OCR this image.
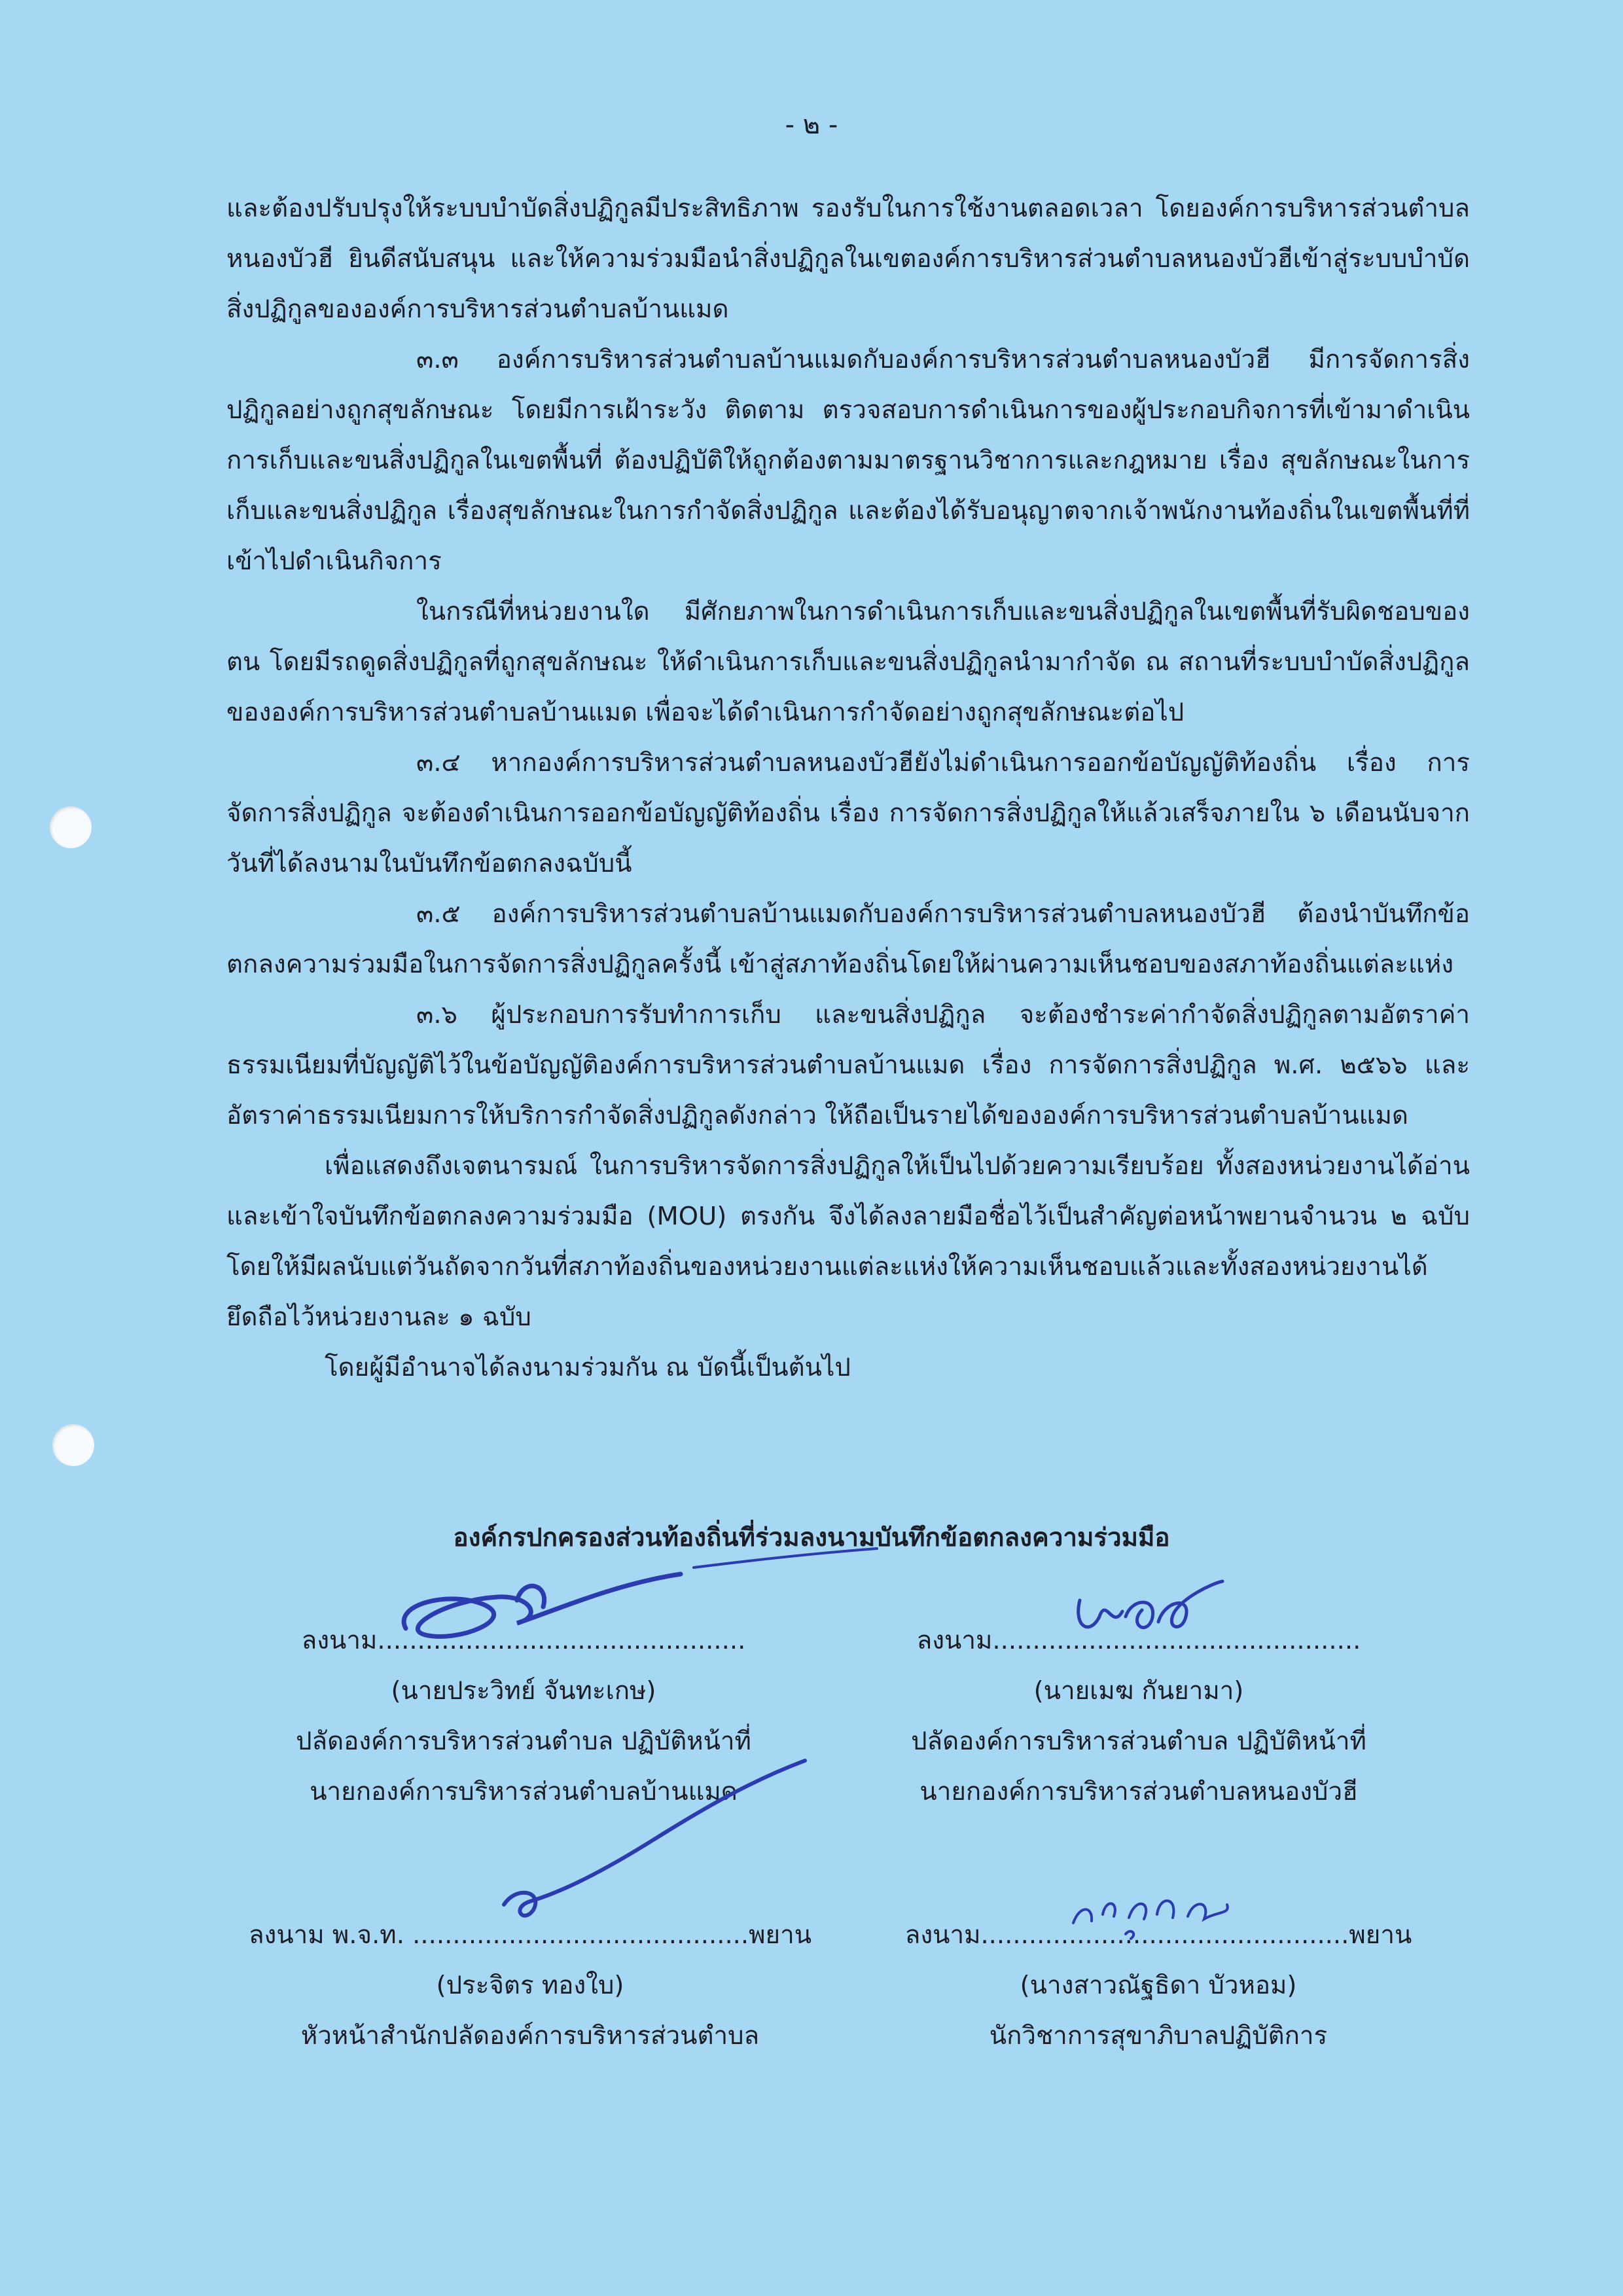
- ๒ -

และต้องปรับปรุงให้ระบบบำบัดสิ่งปฏิกูลมีประสิทธิภาพ รองรับในการใช้งานตลอดเวลา โดยองค์การบริหารส่วนตำบลหนองบัวฮี ยินดีสนับสนุน และให้ความร่วมมือนำสิ่งปฏิกูลในเขตองค์การบริหารส่วนตำบลหนองบัวฮีเข้าสู่ระบบบำบัดสิ่งปฏิกูลขององค์การบริหารส่วนตำบลบ้านแมด

๓.๓ องค์การบริหารส่วนตำบลบ้านแมดกับองค์การบริหารส่วนตำบลหนองบัวฮี มีการจัดการสิ่งปฏิกูลอย่างถูกสุขลักษณะ โดยมีการเฝ้าระวัง ติดตาม ตรวจสอบการดำเนินการของผู้ประกอบกิจการที่เข้ามาดำเนินการเก็บและขนสิ่งปฏิกูลในเขตพื้นที่ ต้องปฏิบัติให้ถูกต้องตามมาตรฐานวิชาการและกฎหมาย เรื่อง สุขลักษณะในการเก็บและขนสิ่งปฏิกูล เรื่องสุขลักษณะในการกำจัดสิ่งปฏิกูล และต้องได้รับอนุญาตจากเจ้าพนักงานท้องถิ่นในเขตพื้นที่ที่เข้าไปดำเนินกิจการ

ในกรณีที่หน่วยงานใด มีศักยภาพในการดำเนินการเก็บและขนสิ่งปฏิกูลในเขตพื้นที่รับผิดชอบของตน โดยมีรถดูดสิ่งปฏิกูลที่ถูกสุขลักษณะ ให้ดำเนินการเก็บและขนสิ่งปฏิกูลนำมากำจัด ณ สถานที่ระบบบำบัดสิ่งปฏิกูลขององค์การบริหารส่วนตำบลบ้านแมด เพื่อจะได้ดำเนินการกำจัดอย่างถูกสุขลักษณะต่อไป

๓.๔ หากองค์การบริหารส่วนตำบลหนองบัวฮียังไม่ดำเนินการออกข้อบัญญัติท้องถิ่น เรื่อง การจัดการสิ่งปฏิกูล จะต้องดำเนินการออกข้อบัญญัติท้องถิ่น เรื่อง การจัดการสิ่งปฏิกูลให้แล้วเสร็จภายใน ๖ เดือนนับจากวันที่ได้ลงนามในบันทึกข้อตกลงฉบับนี้

๓.๕ องค์การบริหารส่วนตำบลบ้านแมดกับองค์การบริหารส่วนตำบลหนองบัวฮี ต้องนำบันทึกข้อตกลงความร่วมมือในการจัดการสิ่งปฏิกูลครั้งนี้ เข้าสู่สภาท้องถิ่นโดยให้ผ่านความเห็นชอบของสภาท้องถิ่นแต่ละแห่ง

๓.๖ ผู้ประกอบการรับทำการเก็บ และขนสิ่งปฏิกูล จะต้องชำระค่ากำจัดสิ่งปฏิกูลตามอัตราค่าธรรมเนียมที่บัญญัติไว้ในข้อบัญญัติองค์การบริหารส่วนตำบลบ้านแมด เรื่อง การจัดการสิ่งปฏิกูล พ.ศ. ๒๕๖๖ และอัตราค่าธรรมเนียมการให้บริการกำจัดสิ่งปฏิกูลดังกล่าว ให้ถือเป็นรายได้ขององค์การบริหารส่วนตำบลบ้านแมด

เพื่อแสดงถึงเจตนารมณ์ ในการบริหารจัดการสิ่งปฏิกูลให้เป็นไปด้วยความเรียบร้อย ทั้งสองหน่วยงานได้อ่านและเข้าใจบันทึกข้อตกลงความร่วมมือ (MOU) ตรงกัน จึงได้ลงลายมือชื่อไว้เป็นสำคัญต่อหน้าพยานจำนวน ๒ ฉบับ โดยให้มีผลนับแต่วันถัดจากวันที่สภาท้องถิ่นของหน่วยงานแต่ละแห่งให้ความเห็นชอบแล้วและทั้งสองหน่วยงานได้ยึดถือไว้หน่วยงานละ ๑ ฉบับ

โดยผู้มีอำนาจได้ลงนามร่วมกัน ณ บัดนี้เป็นต้นไป

องค์กรปกครองส่วนท้องถิ่นที่ร่วมลงนามบันทึกข้อตกลงความร่วมมือ
ลงนาม..............................................
(นายประวิทย์ จันทะเกษ)
ปลัดองค์การบริหารส่วนตำบล ปฏิบัติหน้าที่
นายกองค์การบริหารส่วนตำบลบ้านแมด
ลงนาม..............................................
(นายเมฆ กันยามา)
ปลัดองค์การบริหารส่วนตำบล ปฏิบัติหน้าที่
นายกองค์การบริหารส่วนตำบลหนองบัวฮี
ลงนาม พ.จ.ท. ..........................................พยาน
(ประจิตร ทองใบ)
หัวหน้าสำนักปลัดองค์การบริหารส่วนตำบล
ลงนาม..............................................พยาน
(นางสาวณัฐธิดา บัวหอม)
นักวิชาการสุขาภิบาลปฏิบัติการ
